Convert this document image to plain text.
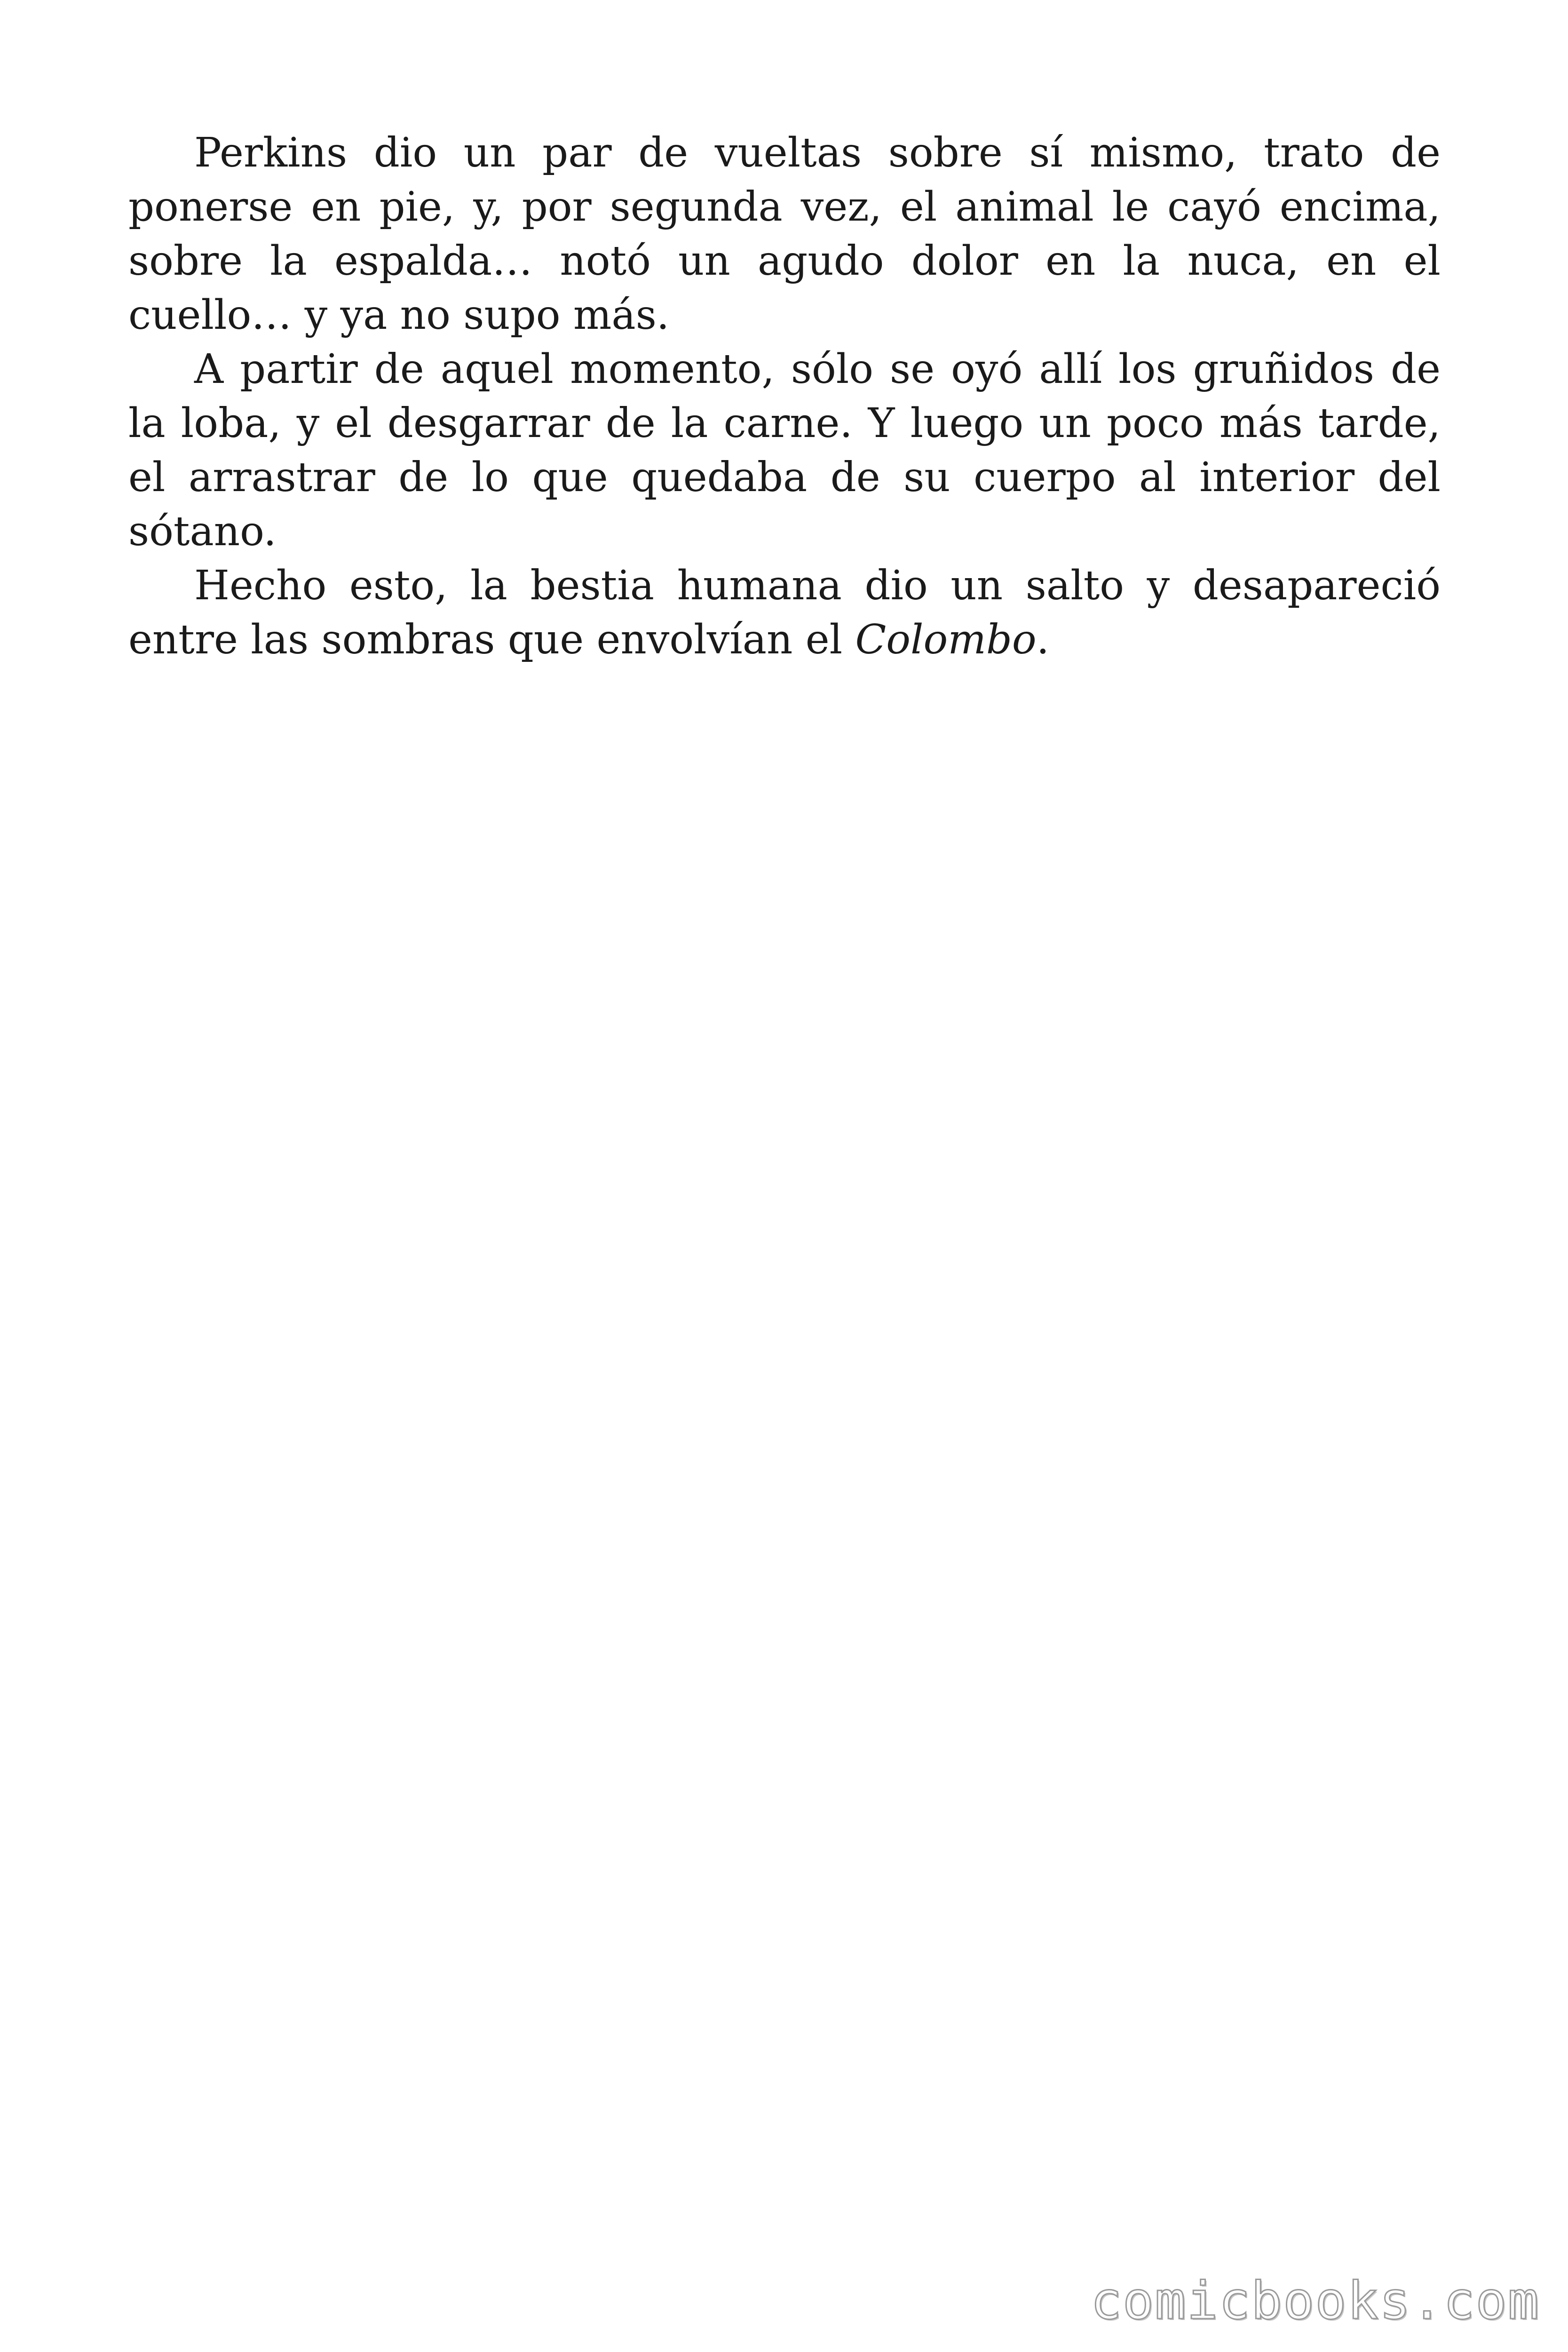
Perkins dio un par de vueltas sobre sí mismo, trato de ponerse en pie, y, por segunda vez, el animal le cayó encima, sobre la espalda… notó un agudo dolor en la nuca, en el cuello… y ya no supo más.

A partir de aquel momento, sólo se oyó allí los gruñidos de la loba, y el desgarrar de la carne. Y luego un poco más tarde, el arrastrar de lo que quedaba de su cuerpo al interior del sótano.

Hecho esto, la bestia humana dio un salto y desapareció entre las sombras que envolvían el Colombo.

comicbooks.com
